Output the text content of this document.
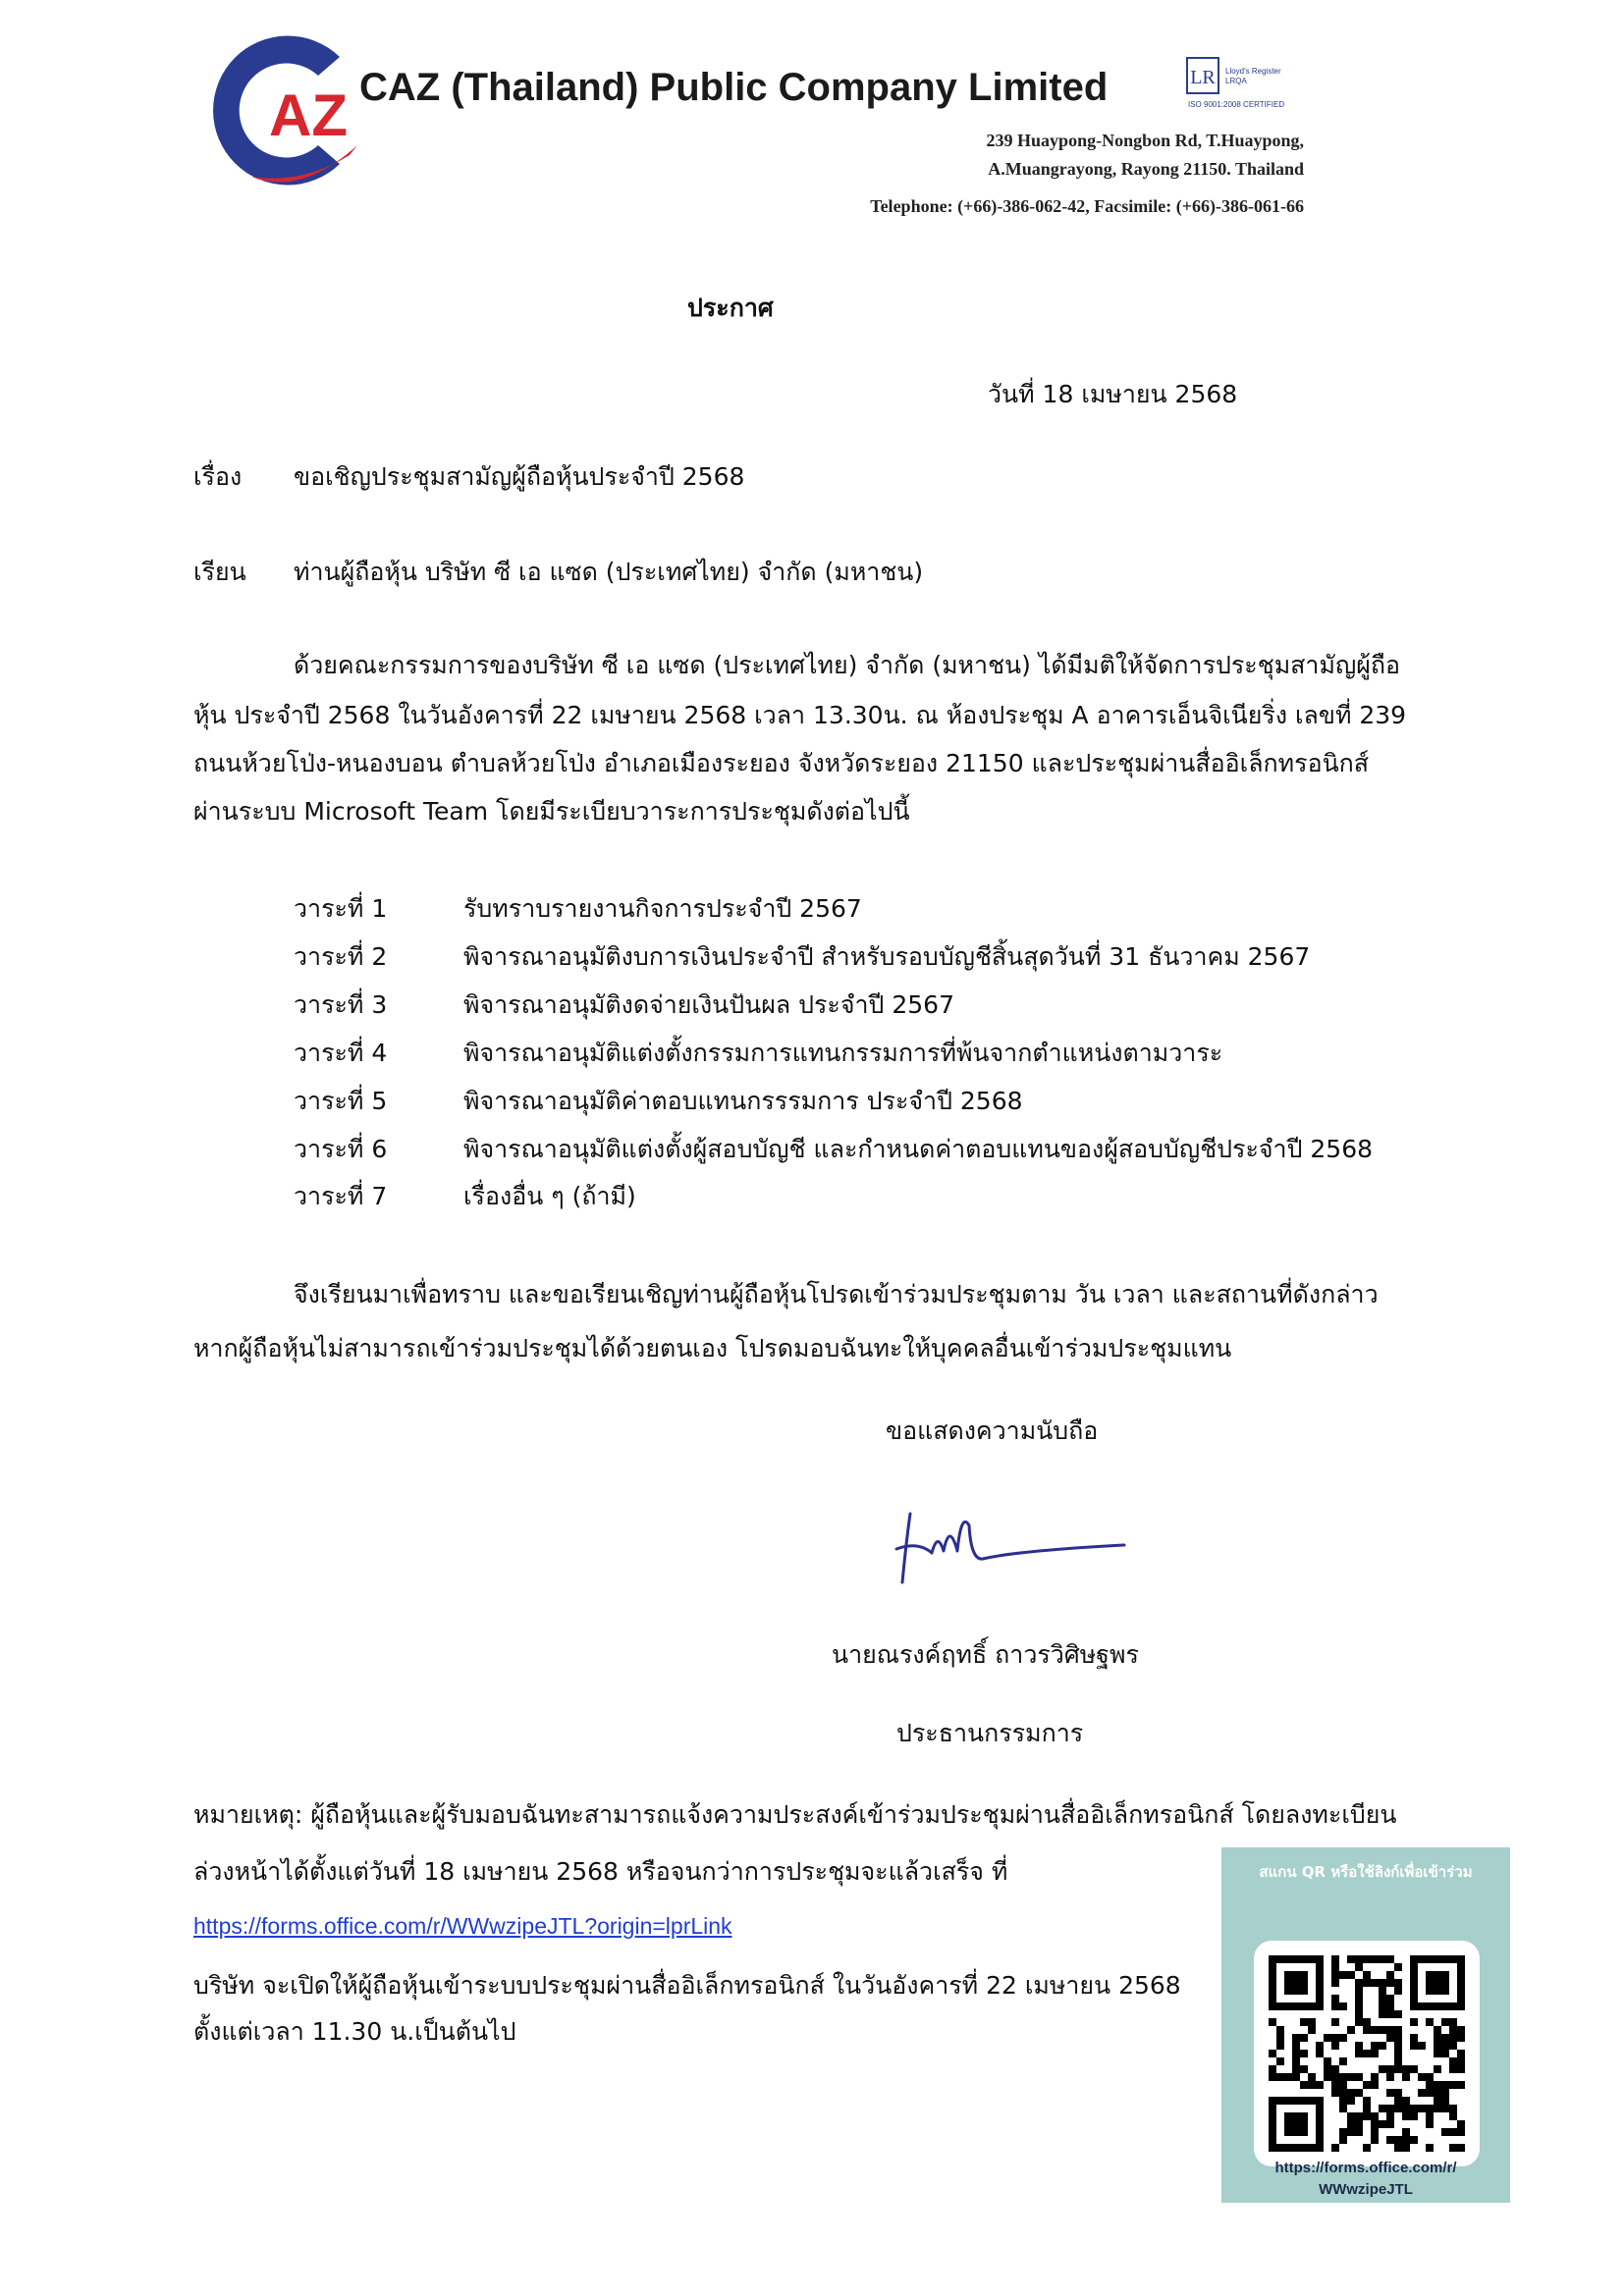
AZ CAZ (Thailand) Public Company Limited	LR Lloyd's Register
LRQA
ISO 9001:2008 CERTIFIED
239 Huaypong-Nongbon Rd, T.Huaypong,
A.Muangrayong, Rayong 21150. Thailand
Telephone: (+66)-386-062-42, Facsimile: (+66)-386-061-66
ประกาศ
วันที่ 18 เมษายน 2568
เรื่อง ขอเชิญประชุมสามัญผู้ถือหุ้นประจำปี 2568
เรียน ท่านผู้ถือหุ้น บริษัท ซี เอ แซด (ประเทศไทย) จำกัด (มหาชน)
ด้วยคณะกรรมการของบริษัท ซี เอ แซด (ประเทศไทย) จำกัด (มหาชน) ได้มีมติให้จัดการประชุมสามัญผู้ถือ
หุ้น ประจำปี 2568 ในวันอังคารที่ 22 เมษายน 2568 เวลา 13.30น. ณ ห้องประชุม A อาคารเอ็นจิเนียริ่ง เลขที่ 239
ถนนห้วยโป่ง-หนองบอน ตำบลห้วยโป่ง อำเภอเมืองระยอง จังหวัดระยอง 21150 และประชุมผ่านสื่ออิเล็กทรอนิกส์
ผ่านระบบ Microsoft Team โดยมีระเบียบวาระการประชุมดังต่อไปนี้
วาระที่ 1	รับทราบรายงานกิจการประจำปี 2567
วาระที่ 2	พิจารณาอนุมัติงบการเงินประจำปี สำหรับรอบบัญชีสิ้นสุดวันที่ 31 ธันวาคม 2567
วาระที่ 3	พิจารณาอนุมัติงดจ่ายเงินปันผล ประจำปี 2567
วาระที่ 4	พิจารณาอนุมัติแต่งตั้งกรรมการแทนกรรมการที่พ้นจากตำแหน่งตามวาระ
วาระที่ 5	พิจารณาอนุมัติค่าตอบแทนกรรรมการ ประจำปี 2568
วาระที่ 6	พิจารณาอนุมัติแต่งตั้งผู้สอบบัญชี และกำหนดค่าตอบแทนของผู้สอบบัญชีประจำปี 2568
วาระที่ 7	เรื่องอื่น ๆ (ถ้ามี)
จึงเรียนมาเพื่อทราบ และขอเรียนเชิญท่านผู้ถือหุ้นโปรดเข้าร่วมประชุมตาม วัน เวลา และสถานที่ดังกล่าว
หากผู้ถือหุ้นไม่สามารถเข้าร่วมประชุมได้ด้วยตนเอง โปรดมอบฉันทะให้บุคคลอื่นเข้าร่วมประชุมแทน
ขอแสดงความนับถือ
นายณรงค์ฤทธิ์ ถาวรวิศิษฐพร
ประธานกรรมการ
หมายเหตุ: ผู้ถือหุ้นและผู้รับมอบฉันทะสามารถแจ้งความประสงค์เข้าร่วมประชุมผ่านสื่ออิเล็กทรอนิกส์ โดยลงทะเบียน
ล่วงหน้าได้ตั้งแต่วันที่ 18 เมษายน 2568 หรือจนกว่าการประชุมจะแล้วเสร็จ ที่
https://forms.office.com/r/WWwzipeJTL?origin=lprLink
บริษัท จะเปิดให้ผู้ถือหุ้นเข้าระบบประชุมผ่านสื่ออิเล็กทรอนิกส์ ในวันอังคารที่ 22 เมษายน 2568
ตั้งแต่เวลา 11.30 น.เป็นต้นไป
สแกน QR หรือใช้ลิงก์เพื่อเข้าร่วม
https://forms.office.com/r/
WWwzipeJTL
